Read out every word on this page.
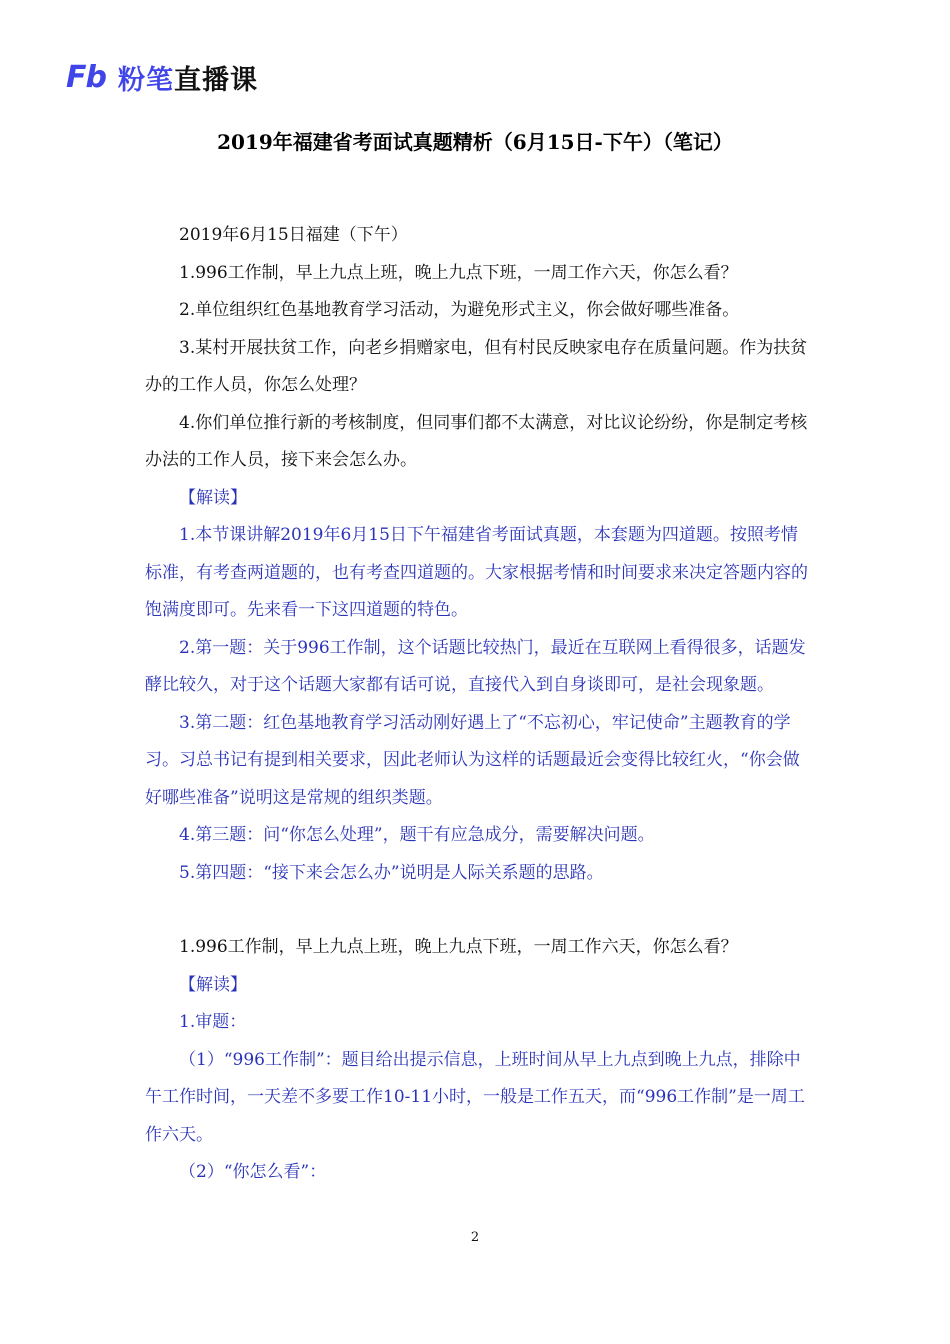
Fb 粉笔直播课
2019年福建省考面试真题精析（6月15日-下午）（笔记）

2019年6月15日福建（下午）

1.996工作制，早上九点上班，晚上九点下班，一周工作六天，你怎么看？

2.单位组织红色基地教育学习活动，为避免形式主义，你会做好哪些准备。

3.某村开展扶贫工作，向老乡捐赠家电，但有村民反映家电存在质量问题。作为扶贫办的工作人员，你怎么处理？

4.你们单位推行新的考核制度，但同事们都不太满意，对比议论纷纷，你是制定考核办法的工作人员，接下来会怎么办。

【解读】

1.本节课讲解2019年6月15日下午福建省考面试真题，本套题为四道题。按照考情标准，有考查两道题的，也有考查四道题的。大家根据考情和时间要求来决定答题内容的饱满度即可。先来看一下这四道题的特色。

2.第一题：关于996工作制，这个话题比较热门，最近在互联网上看得很多，话题发酵比较久，对于这个话题大家都有话可说，直接代入到自身谈即可，是社会现象题。

3.第二题：红色基地教育学习活动刚好遇上了“不忘初心，牢记使命”主题教育的学习。习总书记有提到相关要求，因此老师认为这样的话题最近会变得比较红火，“你会做好哪些准备”说明这是常规的组织类题。

4.第三题：问“你怎么处理”，题干有应急成分，需要解决问题。

5.第四题：“接下来会怎么办”说明是人际关系题的思路。

1.996工作制，早上九点上班，晚上九点下班，一周工作六天，你怎么看？

【解读】

1.审题：

（1）“996工作制”：题目给出提示信息，上班时间从早上九点到晚上九点，排除中午工作时间，一天差不多要工作10-11小时，一般是工作五天，而“996工作制”是一周工作六天。

（2）“你怎么看”：

2
